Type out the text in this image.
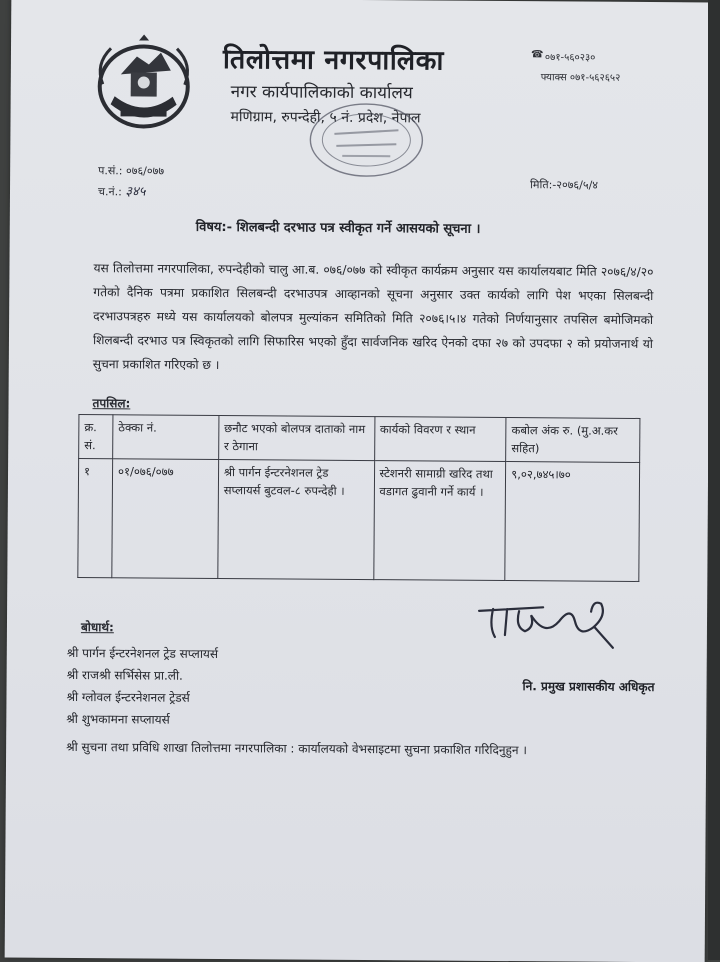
तिलोत्तमा नगरपालिका
नगर कार्यपालिकाको कार्यालय
मणिग्राम, रुपन्देही, ५ नं. प्रदेश, नेपाल
☎ ०७१-५६०२३०
फ्याक्स ०७१-५६२६५२
प.सं.: ०७६/०७७
च.नं.: ३४५	मिति:-२०७६/५/४
विषय:- शिलबन्दी दरभाउ पत्र स्वीकृत गर्ने आसयको सूचना ।
यस तिलोत्तमा नगरपालिका, रुपन्देहीको चालु आ.ब. ०७६/०७७ को स्वीकृत कार्यक्रम अनुसार यस कार्यालयबाट मिति २०७६/४/२० गतेको दैनिक पत्रमा प्रकाशित सिलबन्दी दरभाउपत्र आव्हानको सूचना अनुसार उक्त कार्यको लागि पेश भएका सिलबन्दी दरभाउपत्रहरु मध्ये यस कार्यालयको बोलपत्र मुल्यांकन समितिको मिति २०७६।५।४ गतेको निर्णयानुसार तपसिल बमोजिमको शिलबन्दी दरभाउ पत्र स्विकृतको लागि सिफारिस भएको हुँदा सार्वजनिक खरिद ऐनको दफा २७ को उपदफा २ को प्रयोजनार्थ यो सुचना प्रकाशित गरिएको छ ।
तपसिल:
क्र. सं.	ठेक्का नं.	छनौट भएको बोलपत्र दाताको नाम र ठेगाना	कार्यको विवरण र स्थान	कबोल अंक रु. (मु.अ.कर सहित)
१	०१/०७६/०७७	श्री पार्गन ईन्टरनेशनल ट्रेड सप्लायर्स बुटवल-८ रुपन्देही ।	स्टेशनरी सामाग्री खरिद तथा वडागत ढुवानी गर्ने कार्य ।	९,०२,७४५।७०
नि. प्रमुख प्रशासकीय अधिकृत
बोधार्थ:
श्री पार्गन ईन्टरनेशनल ट्रेड सप्लायर्स
श्री राजश्री सर्भिसेस प्रा.ली.
श्री ग्लोवल ईन्टरनेशनल ट्रेडर्स
श्री शुभकामना सप्लायर्स
श्री सुचना तथा प्रविधि शाखा तिलोत्तमा नगरपालिका : कार्यालयको वेभसाइटमा सुचना प्रकाशित गरिदिनुहुन ।
